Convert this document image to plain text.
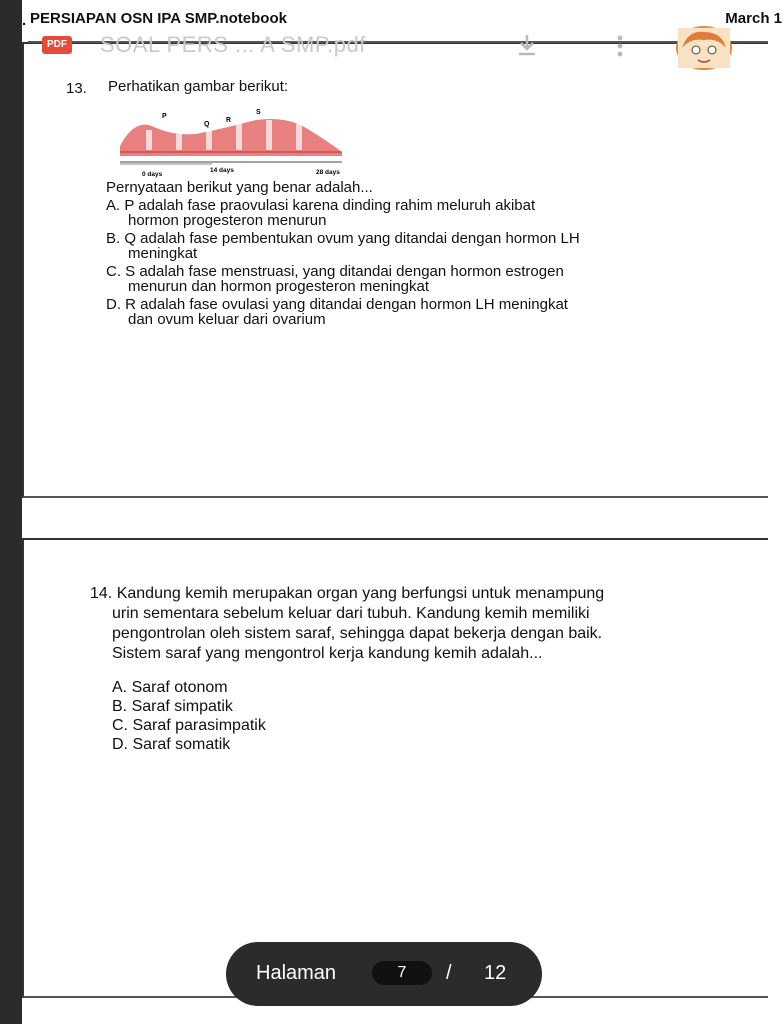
. PERSIAPAN OSN IPA SMP.notebook	March 1
13. Perhatikan gambar berikut:
P
Q
R
S
0 days
14 days	28 days
Pernyataan berikut yang benar adalah...
A. P adalah fase praovulasi karena dinding rahim meluruh akibat
hormon progesteron menurun
B. Q adalah fase pembentukan ovum yang ditandai dengan hormon LH
meningkat
C. S adalah fase menstruasi, yang ditandai dengan hormon estrogen
menurun dan hormon progesteron meningkat
D. R adalah fase ovulasi yang ditandai dengan hormon LH meningkat
dan ovum keluar dari ovarium
PDF SOAL PERS ... A SMP.pdf
14. Kandung kemih merupakan organ yang berfungsi untuk menampung
urin sementara sebelum keluar dari tubuh. Kandung kemih memiliki
pengontrolan oleh sistem saraf, sehingga dapat bekerja dengan baik.
Sistem saraf yang mengontrol kerja kandung kemih adalah...
A. Saraf otonom
B. Saraf simpatik
C. Saraf parasimpatik
D. Saraf somatik
Halaman	7	/ 12
